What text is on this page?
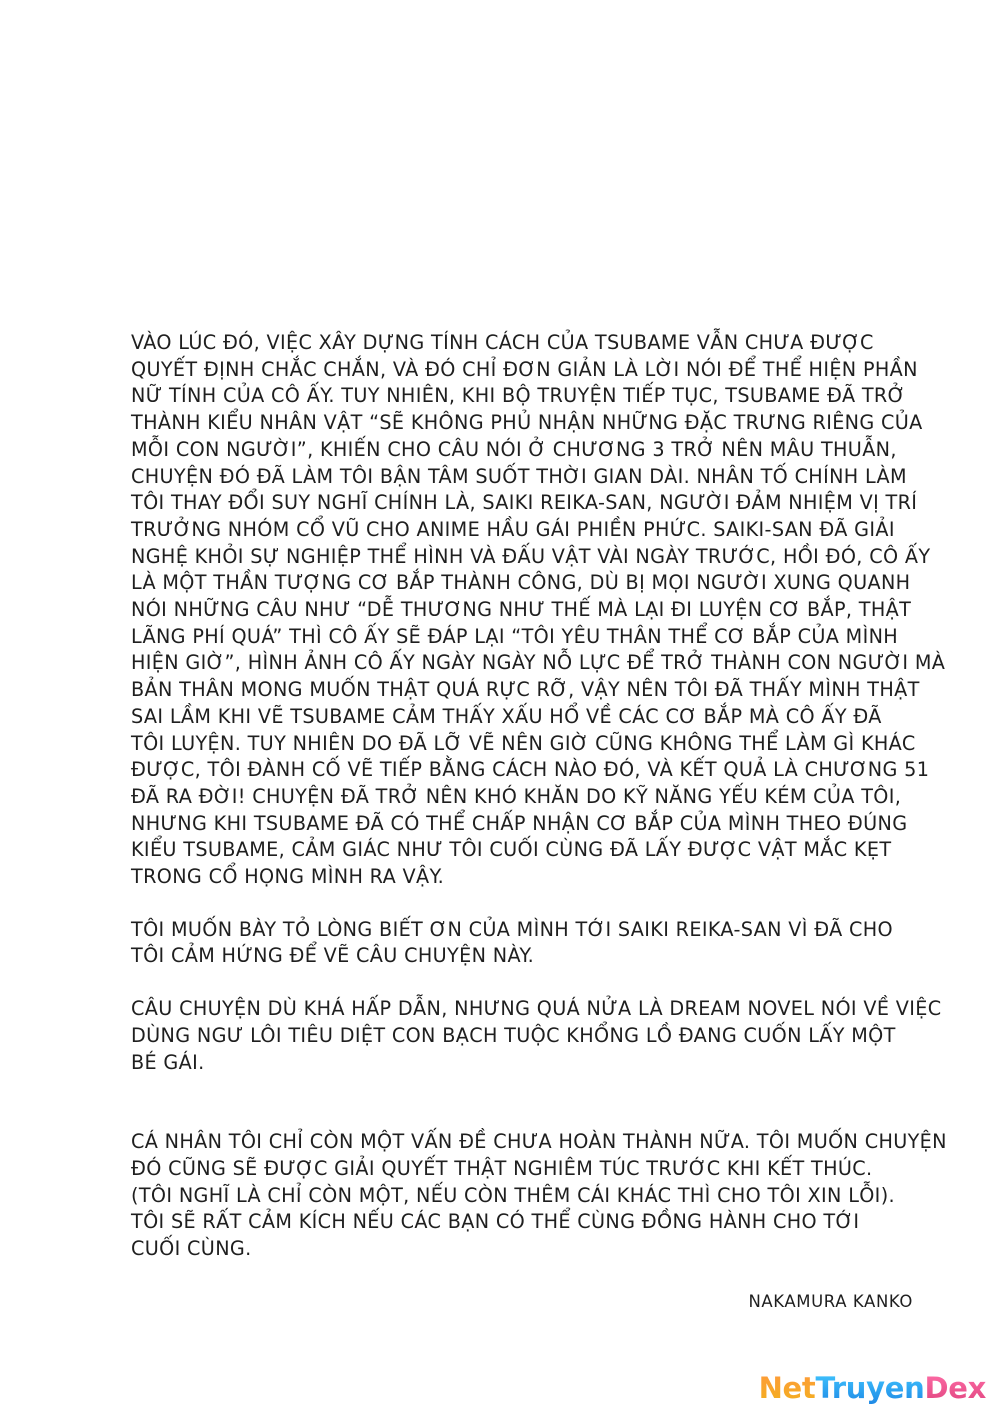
VÀO LÚC ĐÓ, VIỆC XÂY DỰNG TÍNH CÁCH CỦA TSUBAME VẪN CHƯA ĐƯỢC
QUYẾT ĐỊNH CHẮC CHẮN, VÀ ĐÓ CHỈ ĐƠN GIẢN LÀ LỜI NÓI ĐỂ THỂ HIỆN PHẦN
NỮ TÍNH CỦA CÔ ẤY. TUY NHIÊN, KHI BỘ TRUYỆN TIẾP TỤC, TSUBAME ĐÃ TRỞ
THÀNH KIỂU NHÂN VẬT “SẼ KHÔNG PHỦ NHẬN NHỮNG ĐẶC TRƯNG RIÊNG CỦA
MỖI CON NGƯỜI”, KHIẾN CHO CÂU NÓI Ở CHƯƠNG 3 TRỞ NÊN MÂU THUẪN,
CHUYỆN ĐÓ ĐÃ LÀM TÔI BẬN TÂM SUỐT THỜI GIAN DÀI. NHÂN TỐ CHÍNH LÀM
TÔI THAY ĐỔI SUY NGHĨ CHÍNH LÀ, SAIKI REIKA-SAN, NGƯỜI ĐẢM NHIỆM VỊ TRÍ
TRƯỞNG NHÓM CỔ VŨ CHO ANIME HẦU GÁI PHIỀN PHỨC. SAIKI-SAN ĐÃ GIẢI
NGHỆ KHỎI SỰ NGHIỆP THỂ HÌNH VÀ ĐẤU VẬT VÀI NGÀY TRƯỚC, HỒI ĐÓ, CÔ ẤY
LÀ MỘT THẦN TƯỢNG CƠ BẮP THÀNH CÔNG, DÙ BỊ MỌI NGƯỜI XUNG QUANH
NÓI NHỮNG CÂU NHƯ “DỄ THƯƠNG NHƯ THẾ MÀ LẠI ĐI LUYỆN CƠ BẮP, THẬT
LÃNG PHÍ QUÁ” THÌ CÔ ẤY SẼ ĐÁP LẠI “TÔI YÊU THÂN THỂ CƠ BẮP CỦA MÌNH
HIỆN GIỜ”, HÌNH ẢNH CÔ ẤY NGÀY NGÀY NỖ LỰC ĐỂ TRỞ THÀNH CON NGƯỜI MÀ
BẢN THÂN MONG MUỐN THẬT QUÁ RỰC RỠ, VẬY NÊN TÔI ĐÃ THẤY MÌNH THẬT
SAI LẦM KHI VẼ TSUBAME CẢM THẤY XẤU HỔ VỀ CÁC CƠ BẮP MÀ CÔ ẤY ĐÃ
TÔI LUYỆN. TUY NHIÊN DO ĐÃ LỠ VẼ NÊN GIỜ CŨNG KHÔNG THỂ LÀM GÌ KHÁC
ĐƯỢC, TÔI ĐÀNH CỐ VẼ TIẾP BẰNG CÁCH NÀO ĐÓ, VÀ KẾT QUẢ LÀ CHƯƠNG 51
ĐÃ RA ĐỜI! CHUYỆN ĐÃ TRỞ NÊN KHÓ KHĂN DO KỸ NĂNG YẾU KÉM CỦA TÔI,
NHƯNG KHI TSUBAME ĐÃ CÓ THỂ CHẤP NHẬN CƠ BẮP CỦA MÌNH THEO ĐÚNG
KIỂU TSUBAME, CẢM GIÁC NHƯ TÔI CUỐI CÙNG ĐÃ LẤY ĐƯỢC VẬT MẮC KẸT
TRONG CỔ HỌNG MÌNH RA VẬY.

TÔI MUỐN BÀY TỎ LÒNG BIẾT ƠN CỦA MÌNH TỚI SAIKI REIKA-SAN VÌ ĐÃ CHO
TÔI CẢM HỨNG ĐỂ VẼ CÂU CHUYỆN NÀY.

CÂU CHUYỆN DÙ KHÁ HẤP DẪN, NHƯNG QUÁ NỬA LÀ DREAM NOVEL NÓI VỀ VIỆC
DÙNG NGƯ LÔI TIÊU DIỆT CON BẠCH TUỘC KHỔNG LỒ ĐANG CUỐN LẤY MỘT
BÉ GÁI.

CÁ NHÂN TÔI CHỈ CÒN MỘT VẤN ĐỀ CHƯA HOÀN THÀNH NỮA. TÔI MUỐN CHUYỆN
ĐÓ CŨNG SẼ ĐƯỢC GIẢI QUYẾT THẬT NGHIÊM TÚC TRƯỚC KHI KẾT THÚC.
(TÔI NGHĨ LÀ CHỈ CÒN MỘT, NẾU CÒN THÊM CÁI KHÁC THÌ CHO TÔI XIN LỖI).
TÔI SẼ RẤT CẢM KÍCH NẾU CÁC BẠN CÓ THỂ CÙNG ĐỒNG HÀNH CHO TỚI
CUỐI CÙNG.

NAKAMURA KANKO
NetTruyenDex
